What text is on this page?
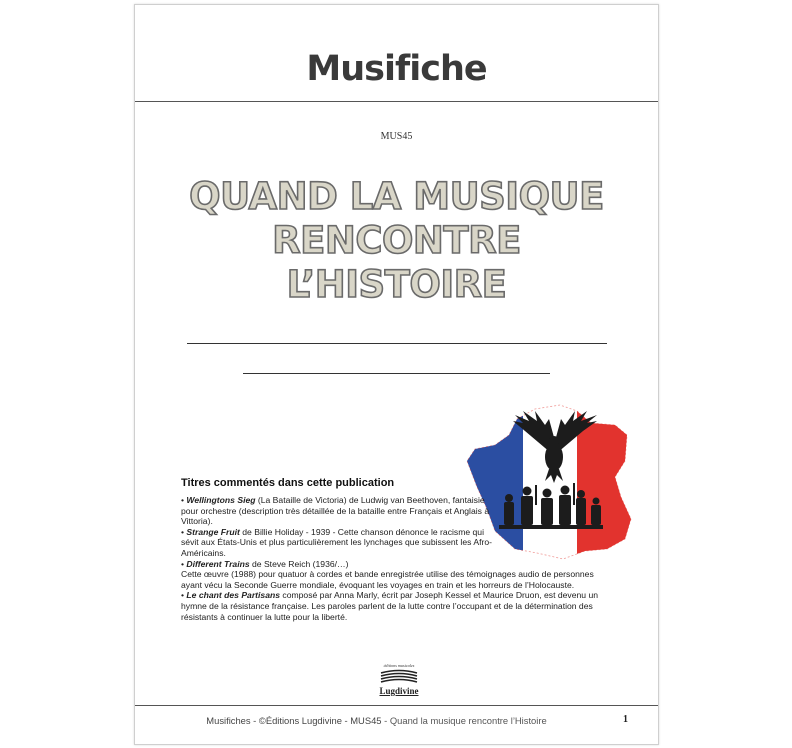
Musifiche
MUS45
QUAND LA MUSIQUE
RENCONTRE
L’HISTOIRE
Titres commentés dans cette publication

• Wellingtons Sieg (La Bataille de Victoria) de Ludwig van Beethoven, fantaisie pour orchestre (description très détaillée de la bataille entre Français et Anglais à Vittoria).

• Strange Fruit de Billie Holiday - 1939 - Cette chanson dénonce le racisme qui sévit aux États-Unis et plus particulièrement les lynchages que subissent les Afro-Américains.

• Different Trains de Steve Reich (1936/…)

Cette œuvre (1988) pour quatuor à cordes et bande enregistrée utilise des témoignages audio de personnes ayant vécu la Seconde Guerre mondiale, évoquant les voyages en train et les horreurs de l’Holocauste.

• Le chant des Partisans composé par Anna Marly, écrit par Joseph Kessel et Maurice Druon, est devenu un hymne de la résistance française. Les paroles parlent de la lutte contre l’occupant et de la détermination des résistants à continuer la lutte pour la liberté.

éditions musicales
Lugdivine
Musifiches - ©Éditions Lugdivine - MUS45 - Quand la musique rencontre l’Histoire	1
